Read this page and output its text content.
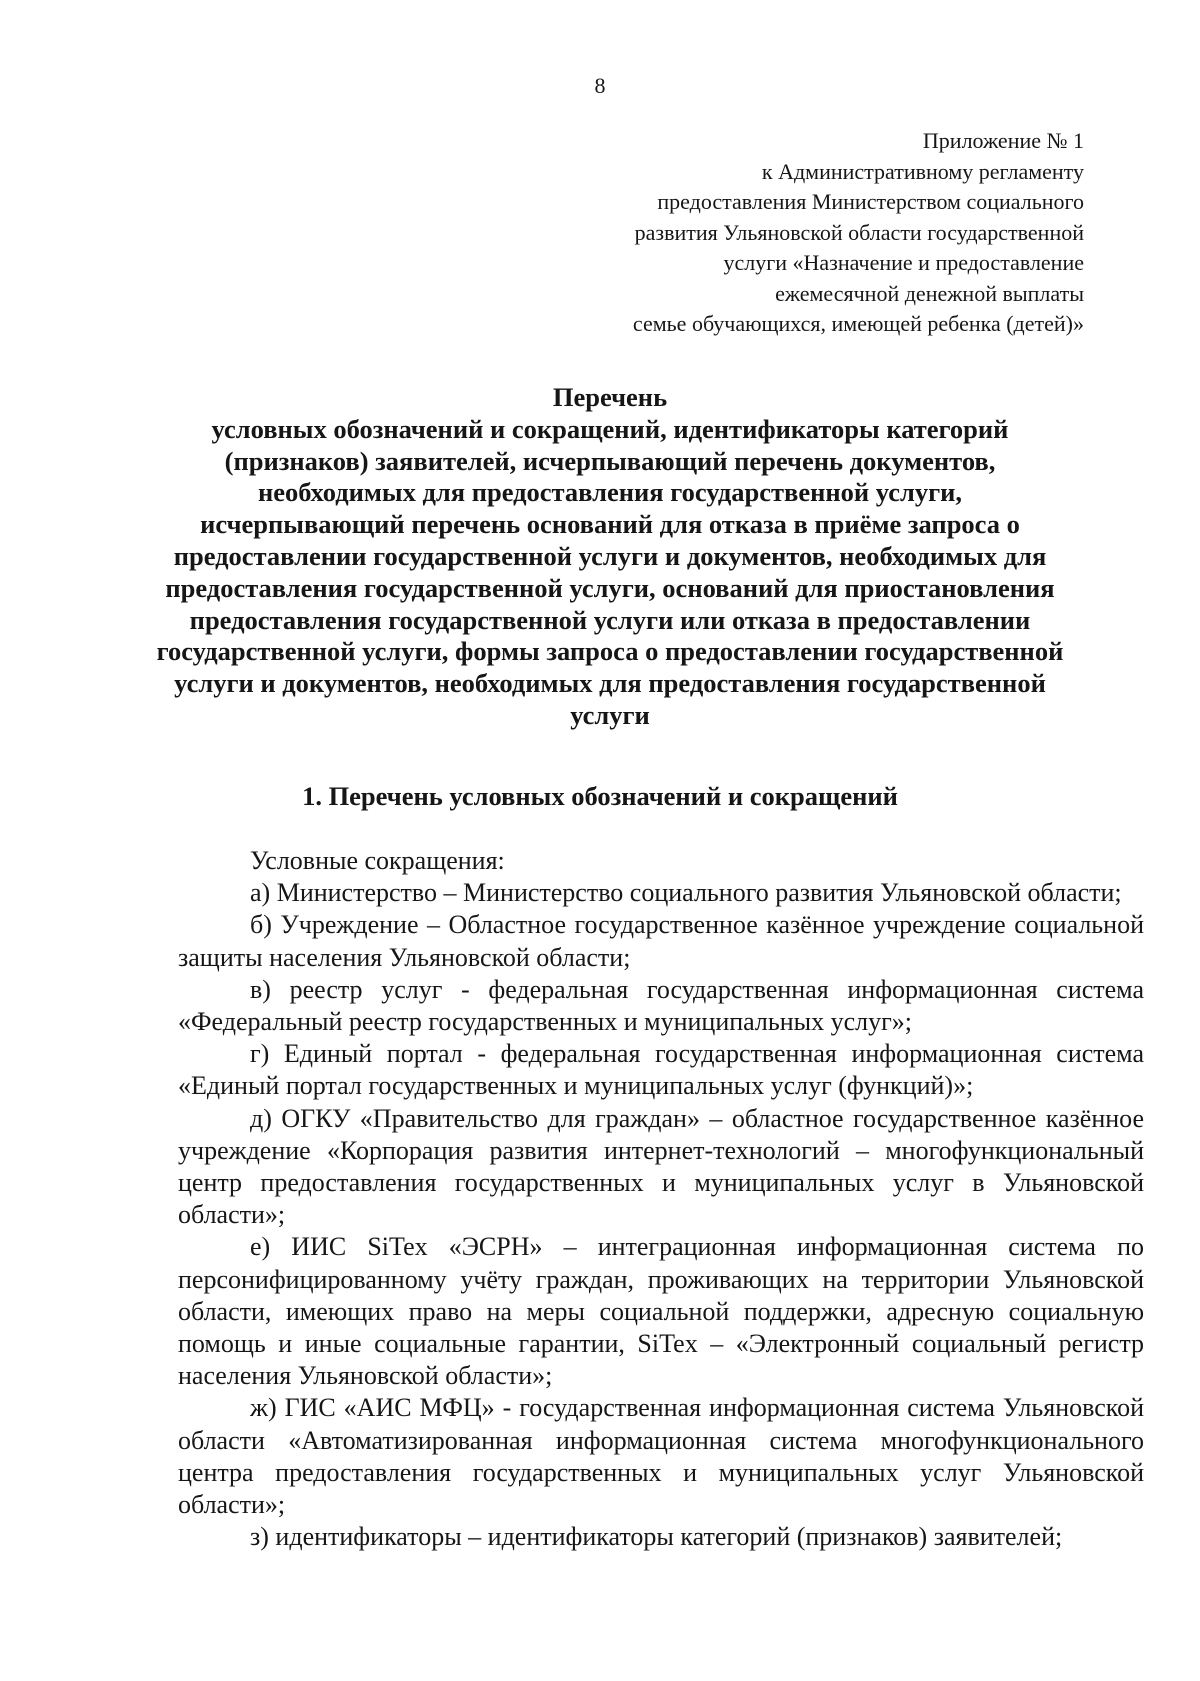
8
Приложение № 1
к Административному регламенту
предоставления Министерством социального
развития Ульяновской области государственной
услуги «Назначение и предоставление
ежемесячной денежной выплаты
семье обучающихся, имеющей ребенка (детей)»
Перечень
условных обозначений и сокращений, идентификаторы категорий
(признаков) заявителей, исчерпывающий перечень документов,
необходимых для предоставления государственной услуги,
исчерпывающий перечень оснований для отказа в приёме запроса о
предоставлении государственной услуги и документов, необходимых для
предоставления государственной услуги, оснований для приостановления
предоставления государственной услуги или отказа в предоставлении
государственной услуги, формы запроса о предоставлении государственной
услуги и документов, необходимых для предоставления государственной
услуги
1. Перечень условных обозначений и сокращений

Условные сокращения:

а) Министерство – Министерство социального развития Ульяновской области;

б) Учреждение – Областное государственное казённое учреждение социальной защиты населения Ульяновской области;

в) реестр услуг - федеральная государственная информационная система «Федеральный реестр государственных и муниципальных услуг»;

г) Единый портал - федеральная государственная информационная система «Единый портал государственных и муниципальных услуг (функций)»;

д) ОГКУ «Правительство для граждан» – областное государственное казённое учреждение «Корпорация развития интернет-технологий – многофункциональный центр предоставления государственных и муниципальных услуг в Ульяновской области»;

е) ИИС SiTex «ЭСРН» – интеграционная информационная система по персонифицированному учёту граждан, проживающих на территории Ульяновской области, имеющих право на меры социальной поддержки, адресную социальную помощь и иные социальные гарантии, SiTex – «Электронный социальный регистр населения Ульяновской области»;

ж) ГИС «АИС МФЦ» - государственная информационная система Ульяновской области «Автоматизированная информационная система многофункционального центра предоставления государственных и муниципальных услуг Ульяновской области»;

з) идентификаторы – идентификаторы категорий (признаков) заявителей;
